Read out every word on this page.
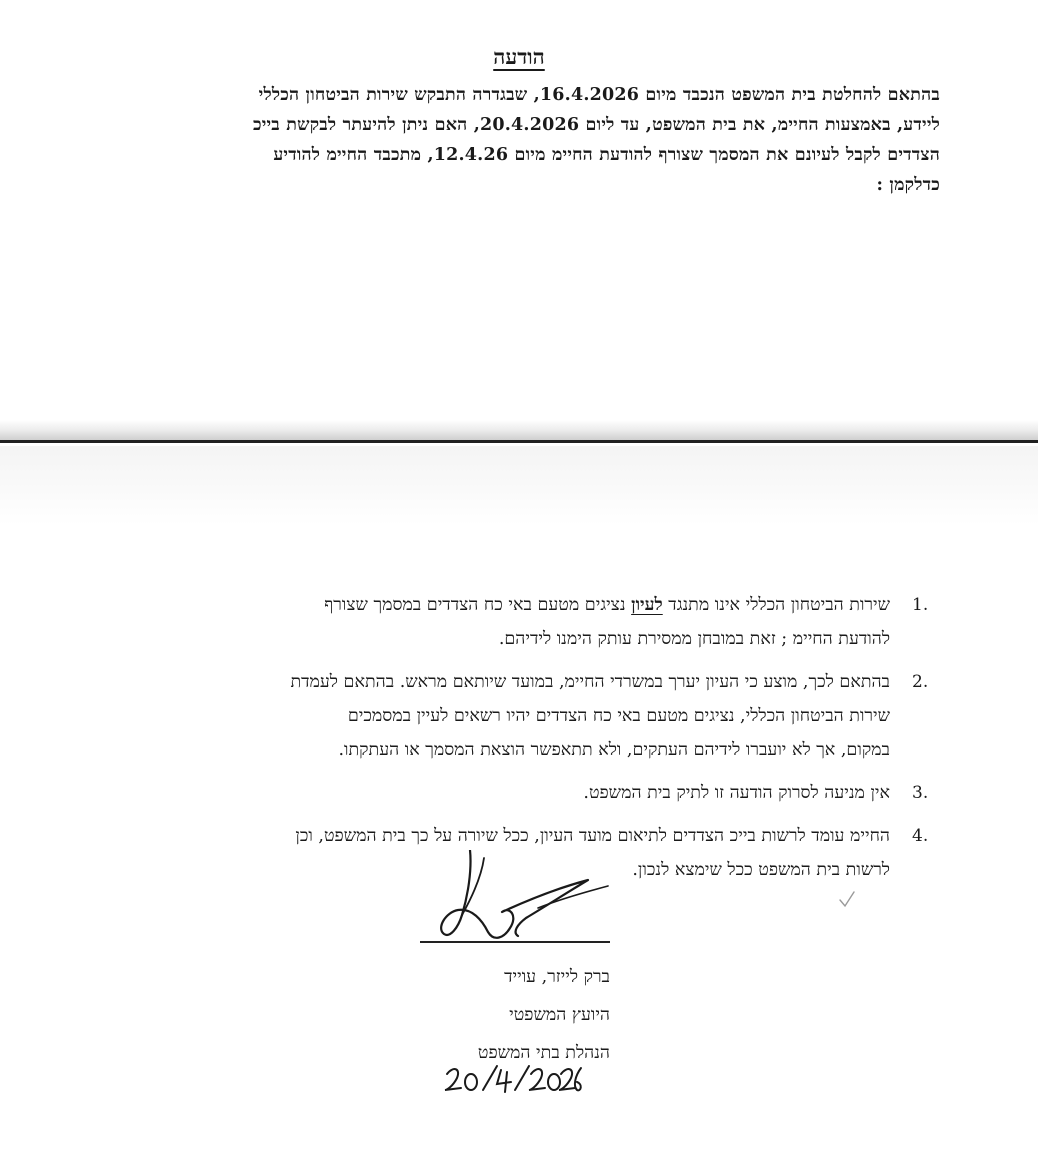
הודעה
בהתאם להחלטת בית המשפט הנכבד מיום 16.4.2026, שבגדרה התבקש שירות הביטחון הכללי
ליידע, באמצעות החיימ, את בית המשפט, עד ליום 20.4.2026, האם ניתן להיעתר לבקשת בייכ
הצדדים לקבל לעיונם את המסמך שצורף להודעת החיימ מיום 12.4.26, מתכבד החיימ להודיע
כדלקמן :
1.
שירות הביטחון הכללי אינו מתנגד לעיון נציגים מטעם באי כח הצדדים במסמך שצורף
להודעת החיימ ; זאת במובחן ממסירת עותק הימנו לידיהם.
2.
בהתאם לכך, מוצע כי העיון יערך במשרדי החיימ, במועד שיותאם מראש. בהתאם לעמדת
שירות הביטחון הכללי, נציגים מטעם באי כח הצדדים יהיו רשאים לעיין במסמכים
במקום, אך לא יועברו לידיהם העתקים, ולא תתאפשר הוצאת המסמך או העתקתו.
3.
אין מניעה לסרוק הודעה זו לתיק בית המשפט.
4.
החיימ עומד לרשות בייכ הצדדים לתיאום מועד העיון, ככל שיורה על כך בית המשפט, וכן
לרשות בית המשפט ככל שימצא לנכון.
ברק לייזר, עוייד
היועץ המשפטי
הנהלת בתי המשפט
